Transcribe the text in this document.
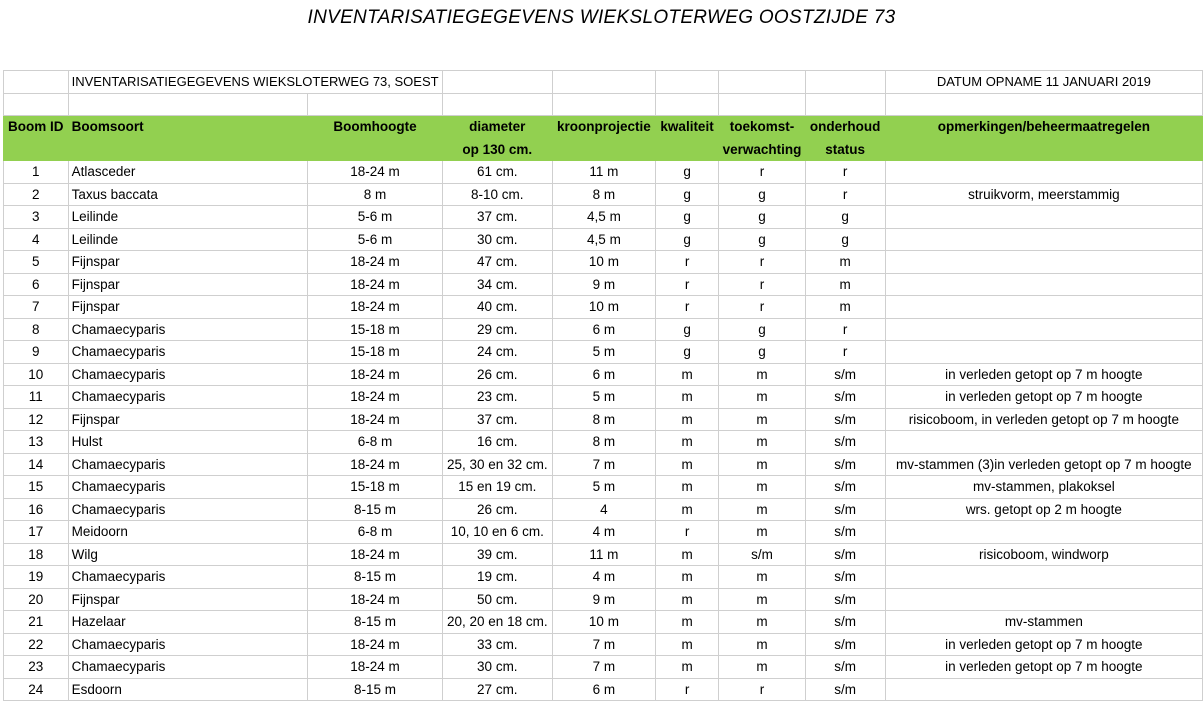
INVENTARISATIEGEGEVENS WIEKSLOTERWEG OOSTZIJDE 73
	INVENTARISATIEGEGEVENS WIEKSLOTERWEG 73, SOEST							DATUM OPNAME 11 JANUARI 2019

Boom ID	Boomsoort	Boomhoogte	diameter	kroonprojectie	kwaliteit	toekomst-	onderhoud	opmerkingen/beheermaatregelen
			op 130 cm.			verwachting	status	
1	Atlasceder	18-24 m	61 cm.	11 m	g	r	r	
2	Taxus baccata	8 m	8-10 cm.	8 m	g	g	r	struikvorm, meerstammig
3	Leilinde	5-6 m	37 cm.	4,5 m	g	g	g	
4	Leilinde	5-6 m	30 cm.	4,5 m	g	g	g	
5	Fijnspar	18-24 m	47 cm.	10 m	r	r	m	
6	Fijnspar	18-24 m	34 cm.	9 m	r	r	m	
7	Fijnspar	18-24 m	40 cm.	10 m	r	r	m	
8	Chamaecyparis	15-18 m	29 cm.	6 m	g	g	r	
9	Chamaecyparis	15-18 m	24 cm.	5 m	g	g	r	
10	Chamaecyparis	18-24 m	26 cm.	6 m	m	m	s/m	in verleden getopt op 7 m hoogte
11	Chamaecyparis	18-24 m	23 cm.	5 m	m	m	s/m	in verleden getopt op 7 m hoogte
12	Fijnspar	18-24 m	37 cm.	8 m	m	m	s/m	risicoboom, in verleden getopt op 7 m hoogte
13	Hulst	6-8 m	16 cm.	8 m	m	m	s/m	
14	Chamaecyparis	18-24 m	25, 30 en 32 cm.	7 m	m	m	s/m	mv-stammen (3)in verleden getopt op 7 m hoogte
15	Chamaecyparis	15-18 m	15 en 19 cm.	5 m	m	m	s/m	mv-stammen, plakoksel
16	Chamaecyparis	8-15 m	26 cm.	4	m	m	s/m	wrs. getopt op 2 m hoogte
17	Meidoorn	6-8 m	10, 10 en 6 cm.	4 m	r	m	s/m	
18	Wilg	18-24 m	39 cm.	11 m	m	s/m	s/m	risicoboom, windworp
19	Chamaecyparis	8-15 m	19 cm.	4 m	m	m	s/m	
20	Fijnspar	18-24 m	50 cm.	9 m	m	m	s/m	
21	Hazelaar	8-15 m	20, 20 en 18 cm.	10 m	m	m	s/m	mv-stammen
22	Chamaecyparis	18-24 m	33 cm.	7 m	m	m	s/m	in verleden getopt op 7 m hoogte
23	Chamaecyparis	18-24 m	30 cm.	7 m	m	m	s/m	in verleden getopt op 7 m hoogte
24	Esdoorn	8-15 m	27 cm.	6 m	r	r	s/m	
